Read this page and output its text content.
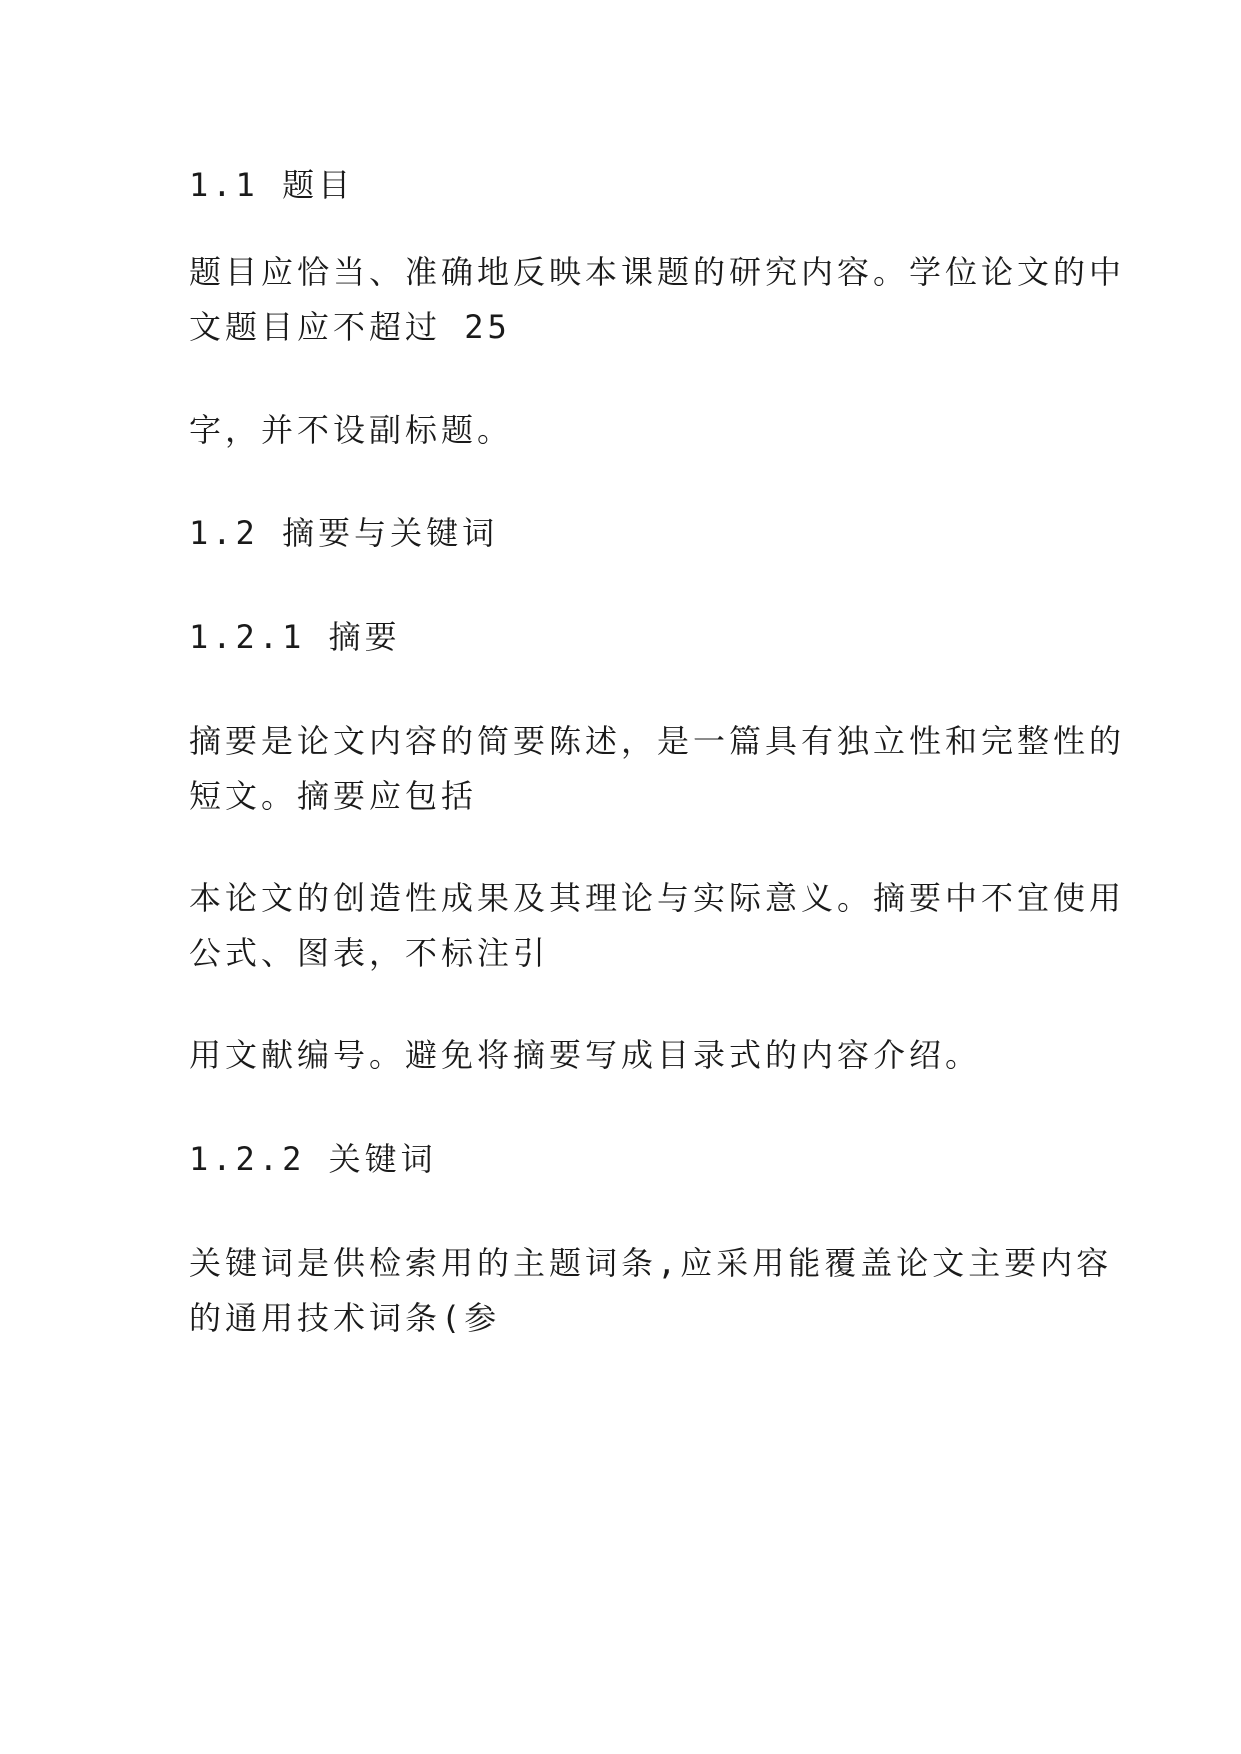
1.1 题目
题目应恰当、准确地反映本课题的研究内容。学位论文的中
文题目应不超过 25
字，并不设副标题。
1.2 摘要与关键词
1.2.1 摘要
摘要是论文内容的简要陈述，是一篇具有独立性和完整性的
短文。摘要应包括
本论文的创造性成果及其理论与实际意义。摘要中不宜使用
公式、图表，不标注引
用文献编号。避免将摘要写成目录式的内容介绍。
1.2.2 关键词
关键词是供检索用的主题词条,应采用能覆盖论文主要内容
的通用技术词条(参
